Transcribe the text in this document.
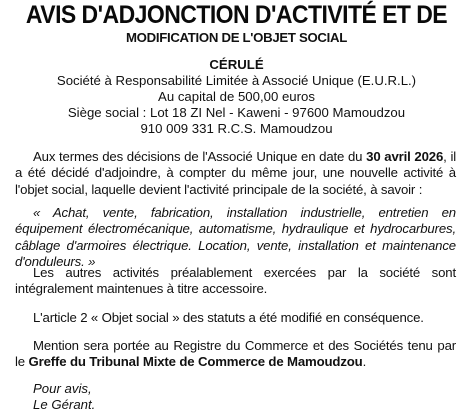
AVIS D'ADJONCTION D'ACTIVITÉ ET DE
MODIFICATION DE L'OBJET SOCIAL
CÉRULÉ
Société à Responsabilité Limitée à Associé Unique (E.U.R.L.)
Au capital de 500,00 euros
Siège social : Lot 18 ZI Nel - Kaweni - 97600 Mamoudzou
910 009 331 R.C.S. Mamoudzou
Aux termes des décisions de l'Associé Unique en date du 30 avril 2026, il a été décidé d'adjoindre, à compter du même jour, une nouvelle activité à l'objet social, laquelle devient l'activité principale de la société, à savoir :
« Achat, vente, fabrication, installation industrielle, entretien en équipement électromécanique, automatisme, hydraulique et hydrocarbures, câblage d'armoires électrique. Location, vente, installation et maintenance d'onduleurs. »
Les autres activités préalablement exercées par la société sont intégralement maintenues à titre accessoire.
L'article 2 « Objet social » des statuts a été modifié en conséquence.
Mention sera portée au Registre du Commerce et des Sociétés tenu par le Greffe du Tribunal Mixte de Commerce de Mamoudzou.
Pour avis,
Le Gérant.
